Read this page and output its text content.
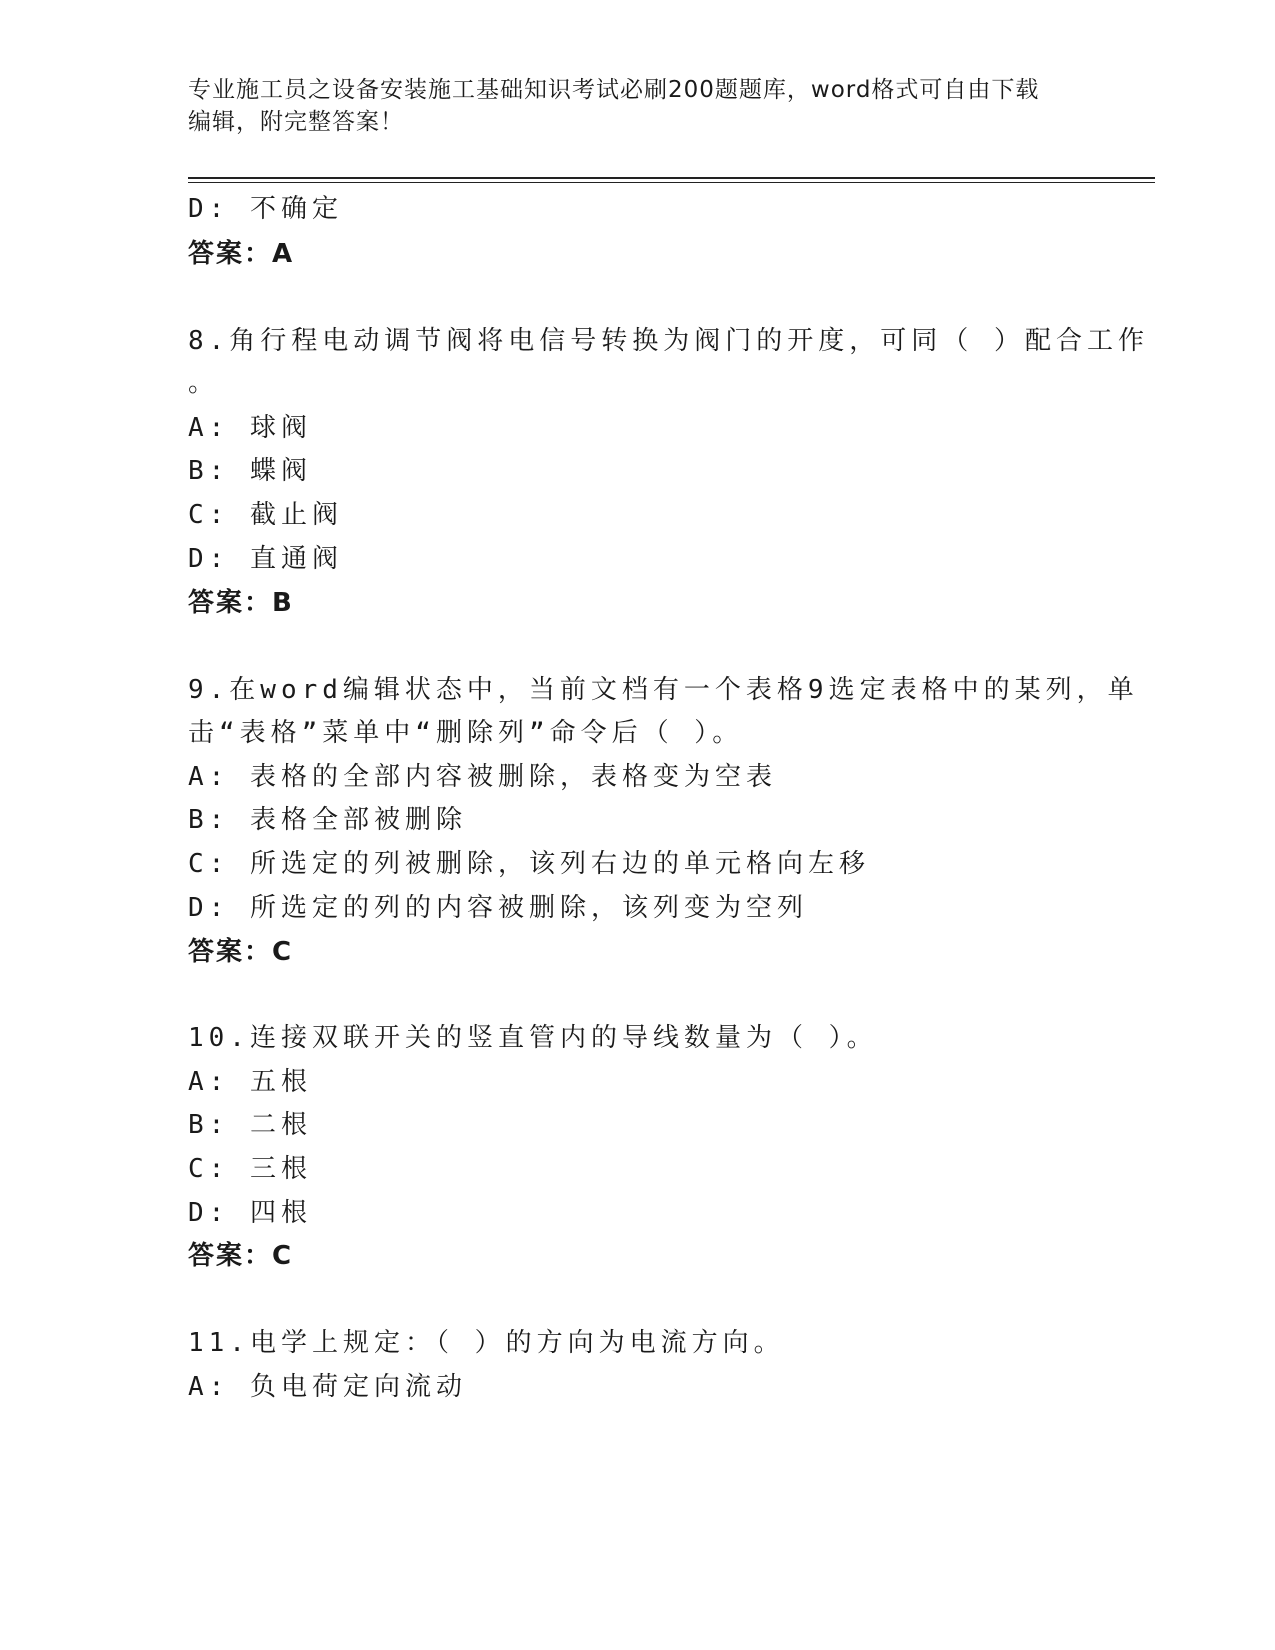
专业施工员之设备安装施工基础知识考试必刷200题题库，word格式可自由下载
编辑，附完整答案！
D: 不确定
答案：A
8.角行程电动调节阀将电信号转换为阀门的开度，可同（ ）配合工作
。
A: 球阀
B: 蝶阀
C: 截止阀
D: 直通阀
答案：B
9.在word编辑状态中，当前文档有一个表格9选定表格中的某列，单
击“表格”菜单中“删除列”命令后（ ）。
A: 表格的全部内容被删除，表格变为空表
B: 表格全部被删除
C: 所选定的列被删除，该列右边的单元格向左移
D: 所选定的列的内容被删除，该列变为空列
答案：C
10.连接双联开关的竖直管内的导线数量为（ ）。
A: 五根
B: 二根
C: 三根
D: 四根
答案：C
11.电学上规定：（ ）的方向为电流方向。
A: 负电荷定向流动
